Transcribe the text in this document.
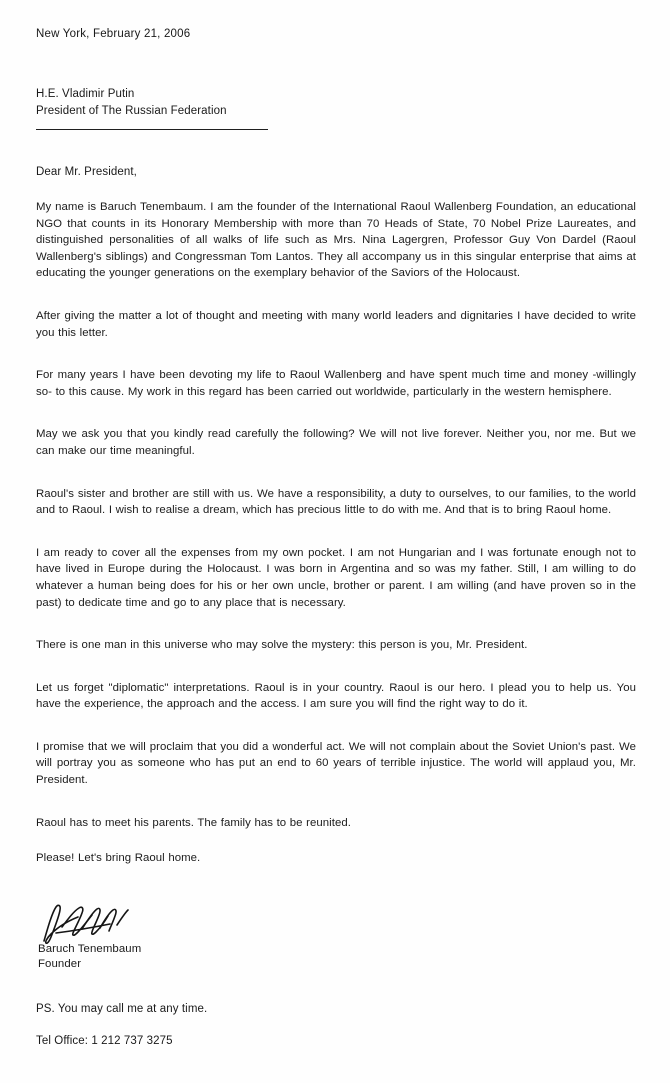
New York, February 21, 2006
H.E. Vladimir Putin
President of The Russian Federation
Dear Mr. President,
My name is Baruch Tenembaum. I am the founder of the International Raoul Wallenberg Foundation, an educational NGO that counts in its Honorary Membership with more than 70 Heads of State, 70 Nobel Prize Laureates, and distinguished personalities of all walks of life such as Mrs. Nina Lagergren, Professor Guy Von Dardel (Raoul Wallenberg's siblings) and Congressman Tom Lantos. They all accompany us in this singular enterprise that aims at educating the younger generations on the exemplary behavior of the Saviors of the Holocaust.
After giving the matter a lot of thought and meeting with many world leaders and dignitaries I have decided to write you this letter.
For many years I have been devoting my life to Raoul Wallenberg and have spent much time and money -willingly so- to this cause. My work in this regard has been carried out worldwide, particularly in the western hemisphere.
May we ask you that you kindly read carefully the following? We will not live forever. Neither you, nor me. But we can make our time meaningful.
Raoul's sister and brother are still with us. We have a responsibility, a duty to ourselves, to our families, to the world and to Raoul. I wish to realise a dream, which has precious little to do with me. And that is to bring Raoul home.
I am ready to cover all the expenses from my own pocket. I am not Hungarian and I was fortunate enough not to have lived in Europe during the Holocaust. I was born in Argentina and so was my father. Still, I am willing to do whatever a human being does for his or her own uncle, brother or parent. I am willing (and have proven so in the past) to dedicate time and go to any place that is necessary.
There is one man in this universe who may solve the mystery: this person is you, Mr. President.
Let us forget "diplomatic" interpretations. Raoul is in your country. Raoul is our hero. I plead you to help us. You have the experience, the approach and the access. I am sure you will find the right way to do it.
I promise that we will proclaim that you did a wonderful act. We will not complain about the Soviet Union's past. We will portray you as someone who has put an end to 60 years of terrible injustice. The world will applaud you, Mr. President.
Raoul has to meet his parents. The family has to be reunited.
Please! Let's bring Raoul home.
Baruch Tenembaum
Founder
PS. You may call me at any time.
Tel Office: 1 212 737 3275
